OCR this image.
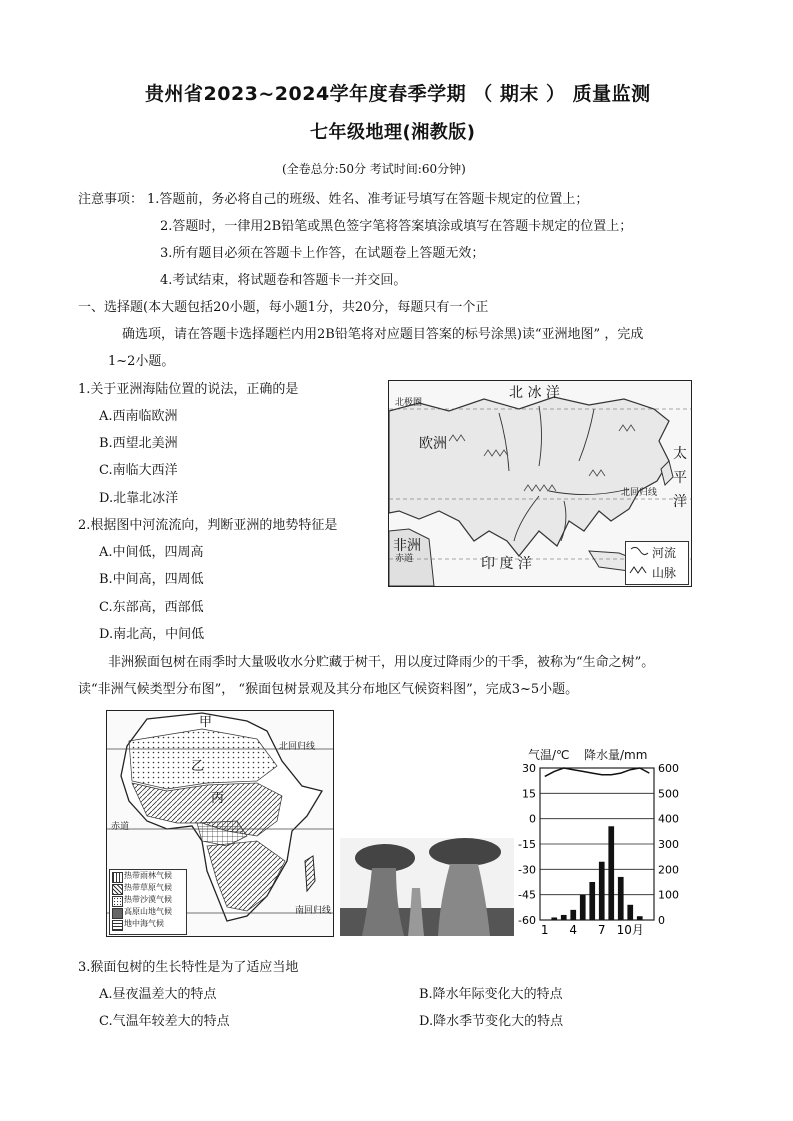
贵州省2023~2024学年度春季学期 （ 期末 ） 质量监测
七年级地理(湘教版)
(全卷总分:50分 考试时间:60分钟)
注意事项： 1.答题前，务必将自己的班级、姓名、准考证号填写在答题卡规定的位置上；
2.答题时，一律用2B铅笔或黑色签字笔将答案填涂或填写在答题卡规定的位置上；
3.所有题目必须在答题卡上作答，在试题卷上答题无效；
4.考试结束，将试题卷和答题卡一并交回。
一、选择题(本大题包括20小题，每小题1分，共20分，每题只有一个正
确选项，请在答题卡选择题栏内用2B铅笔将对应题目答案的标号涂黑)读“亚洲地图” ，完成
1~2小题。
1.关于亚洲海陆位置的说法，正确的是
A.西南临欧洲
B.西望北美洲
C.南临大西洋
D.北靠北冰洋
2.根据图中河流流向，判断亚洲的地势特征是
A.中间低，四周高
B.中间高，四周低
C.东部高，西部低
D.南北高，中间低
北 冰 洋
北极圈
欧洲
太
平
洋
北回归线
非洲
赤道	印 度 洋
河流
山脉
非洲猴面包树在雨季时大量吸收水分贮藏于树干，用以度过降雨少的干季，被称为“生命之树”。
读“非洲气候类型分布图”， “猴面包树景观及其分布地区气候资料图”，完成3~5小题。
甲
乙
丙
北回归线
赤道
南回归线
热带雨林气候
热带草原气候
热带沙漠气候
高原山地气候
地中海气候
气温/℃ 降水量/mm
30
15
0
-15
-30
-45
-60
600
500
400
300
200
100
0
1 4 7 10月
3.猴面包树的生长特性是为了适应当地
A.昼夜温差大的特点	B.降水年际变化大的特点
C.气温年较差大的特点	D.降水季节变化大的特点
